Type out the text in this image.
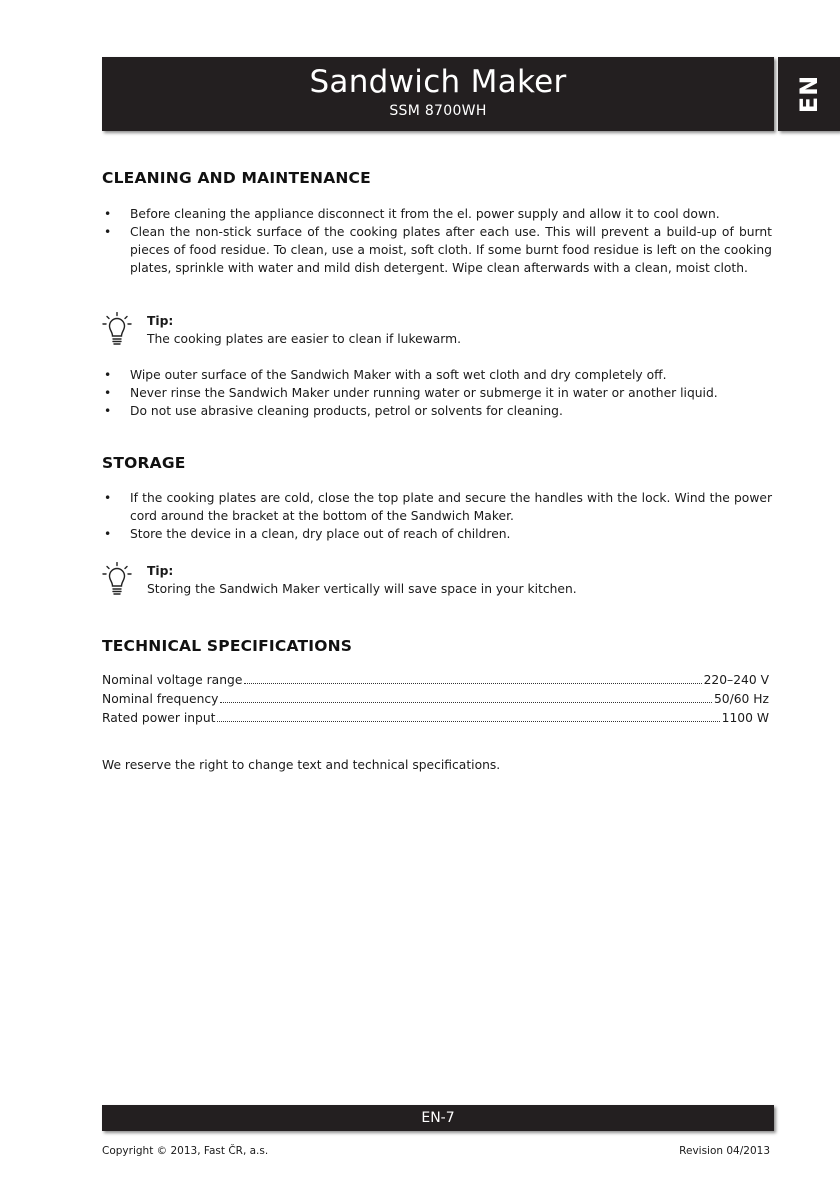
Sandwich Maker
SSM 8700WH	EN
CLEANING AND MAINTENANCE
• Before cleaning the appliance disconnect it from the el. power supply and allow it to cool down.
• Clean the non-stick surface of the cooking plates after each use. This will prevent a build-up of burnt pieces of food residue. To clean, use a moist, soft cloth. If some burnt food residue is left on the cooking plates, sprinkle with water and mild dish detergent. Wipe clean afterwards with a clean, moist cloth.
Tip:
The cooking plates are easier to clean if lukewarm.
• Wipe outer surface of the Sandwich Maker with a soft wet cloth and dry completely off.
• Never rinse the Sandwich Maker under running water or submerge it in water or another liquid.
• Do not use abrasive cleaning products, petrol or solvents for cleaning.
STORAGE
• If the cooking plates are cold, close the top plate and secure the handles with the lock. Wind the power cord around the bracket at the bottom of the Sandwich Maker.
• Store the device in a clean, dry place out of reach of children.
Tip:
Storing the Sandwich Maker vertically will save space in your kitchen.
TECHNICAL SPECIFICATIONS
Nominal voltage range	220–240 V
Nominal frequency	50/60 Hz
Rated power input	1100 W
We reserve the right to change text and technical specifications.
EN-7
Copyright © 2013, Fast ČR, a.s.	Revision 04/2013
